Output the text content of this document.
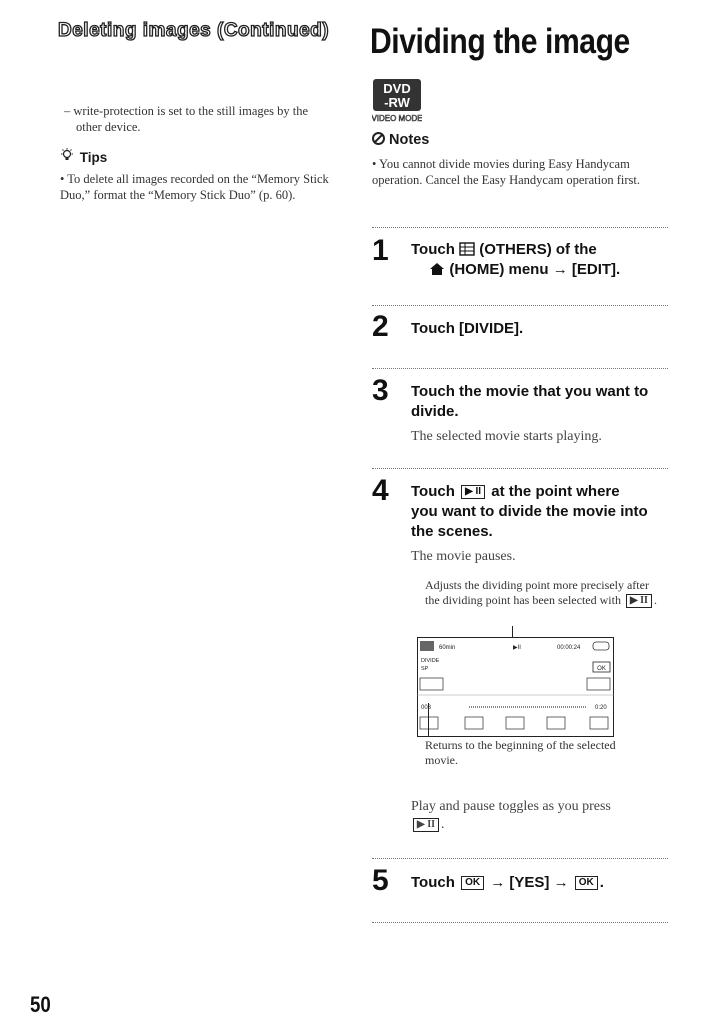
Deleting images (Continued)
– write-protection is set to the still images by the other device.
Tips
• To delete all images recorded on the “Memory Stick Duo,” format the “Memory Stick Duo” (p. 60).
Dividing the image
DVD
-RW
VIDEO MODE
Notes
• You cannot divide movies during Easy Handycam operation. Cancel the Easy Handycam operation first.
1 Touch (OTHERS) of the
(HOME) menu → [EDIT].
2 Touch [DIVIDE].
3 Touch the movie that you want to divide.
The selected movie starts playing.
4 Touch ▶ II at the point where
you want to divide the movie into the scenes.
The movie pauses.
Adjusts the dividing point more precisely after the dividing point has been selected with ▶ II .
60min	▶II	00:00:24
DIVIDE
SP	OK
003	0:20
Returns to the beginning of the selected movie.
Play and pause toggles as you press
▶ II .
5 Touch OK → [YES] → OK .
50
